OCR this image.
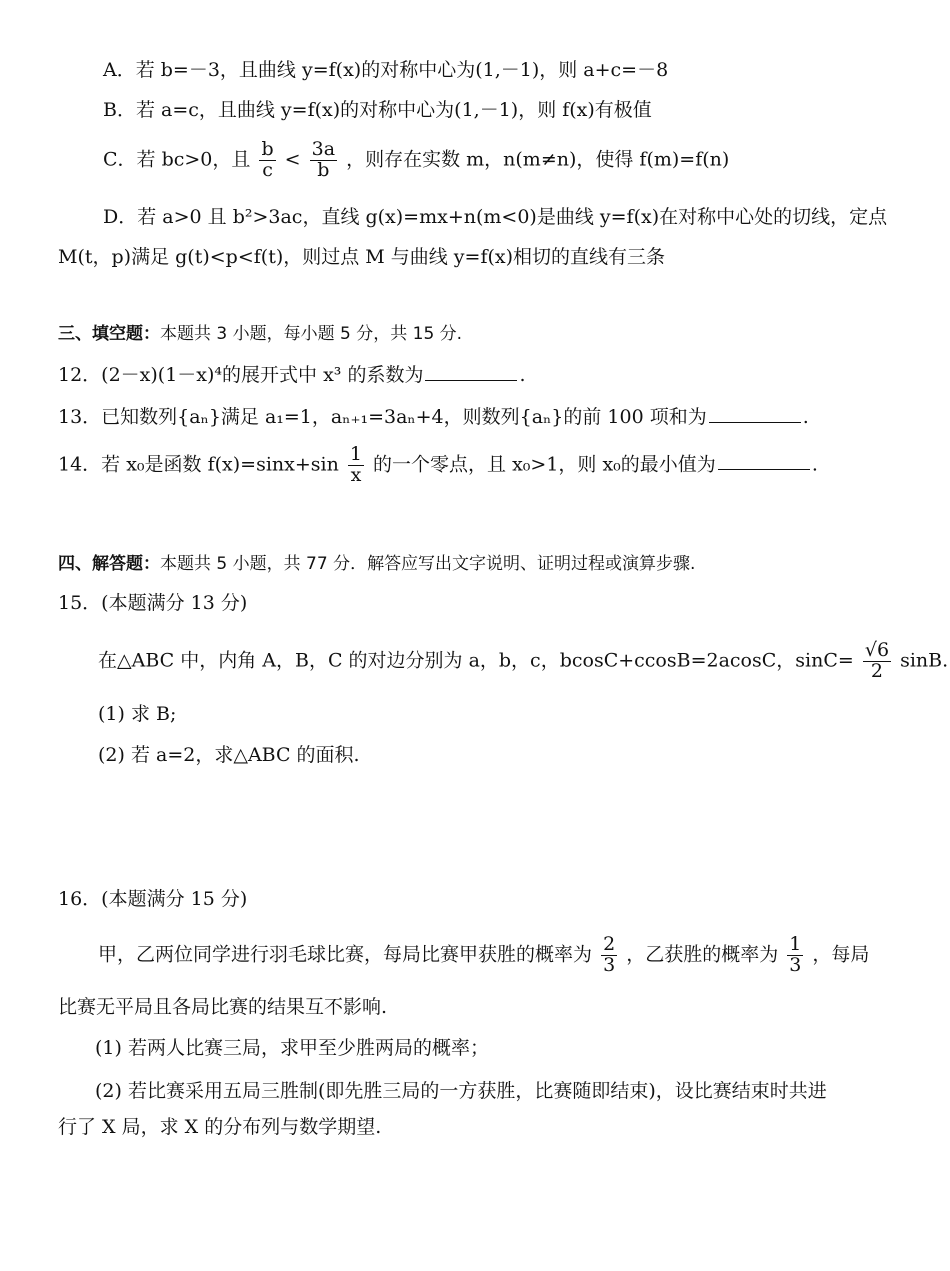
A．若 b=－3，且曲线 y=f(x)的对称中心为(1,－1)，则 a+c=－8
B．若 a=c，且曲线 y=f(x)的对称中心为(1,－1)，则 f(x)有极值
C．若 bc>0，且 $\frac{b}{c} < \frac{3a}{b}$ ，则存在实数 m，n(m≠n)，使得 f(m)=f(n)
D．若 a>0 且 b²>3ac，直线 g(x)=mx+n(m<0)是曲线 y=f(x)在对称中心处的切线，定点
M(t，p)满足 g(t)<p<f(t)，则过点 M 与曲线 y=f(x)相切的直线有三条
三、填空题：本题共 3 小题，每小题 5 分，共 15 分.
12．(2－x)(1－x)⁴的展开式中 x³ 的系数为	.
13．已知数列{aₙ}满足 a₁=1，aₙ₊₁=3aₙ+4，则数列{aₙ}的前 100 项和为	.
14．若 x₀是函数 $f(x)=\sin x+\sin \frac{1}{x}$ 的一个零点，且 x₀>1，则 x₀的最小值为	.
四、解答题：本题共 5 小题，共 77 分．解答应写出文字说明、证明过程或演算步骤.
15．(本题满分 13 分)
在△ABC 中，内角 A，B，C 的对边分别为 a，b，c，bcosC+ccosB=2acosC，$\sin C= \frac{√6}{2} \sin B$.
(1) 求 B;
(2) 若 a=2，求△ABC 的面积.
16．(本题满分 15 分)
甲，乙两位同学进行羽毛球比赛，每局比赛甲获胜的概率为 $\frac{2}{3}$ ，乙获胜的概率为 $\frac{1}{3}$ ，每局
比赛无平局且各局比赛的结果互不影响.
(1) 若两人比赛三局，求甲至少胜两局的概率；
(2) 若比赛采用五局三胜制(即先胜三局的一方获胜，比赛随即结束)，设比赛结束时共进
行了 X 局，求 X 的分布列与数学期望.
